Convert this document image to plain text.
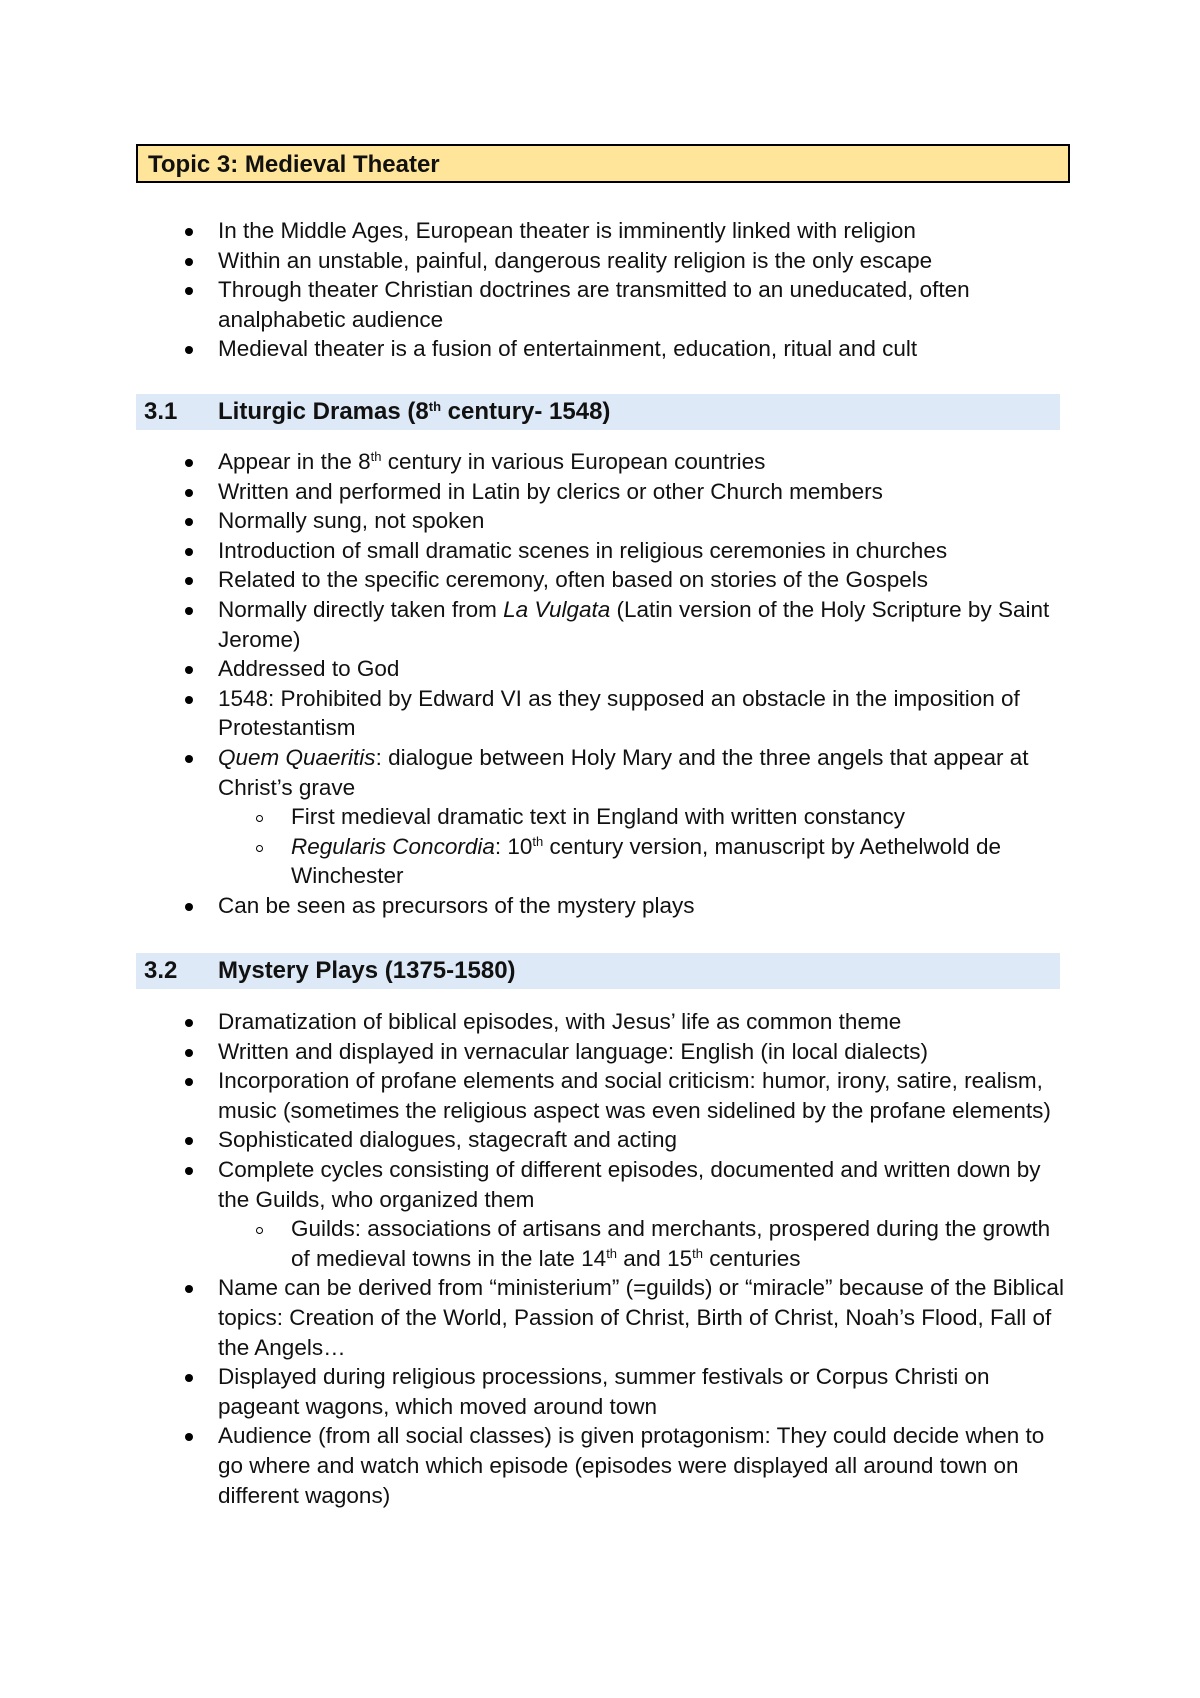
Topic 3: Medieval Theater
In the Middle Ages, European theater is imminently linked with religion
Within an unstable, painful, dangerous reality religion is the only escape
Through theater Christian doctrines are transmitted to an uneducated, often analphabetic audience
Medieval theater is a fusion of entertainment, education, ritual and cult
3.1 Liturgic Dramas (8th century- 1548)
Appear in the 8th century in various European countries
Written and performed in Latin by clerics or other Church members
Normally sung, not spoken
Introduction of small dramatic scenes in religious ceremonies in churches
Related to the specific ceremony, often based on stories of the Gospels
Normally directly taken from La Vulgata (Latin version of the Holy Scripture by Saint Jerome)
Addressed to God
1548: Prohibited by Edward VI as they supposed an obstacle in the imposition of Protestantism
Quem Quaeritis: dialogue between Holy Mary and the three angels that appear at Christ’s grave
First medieval dramatic text in England with written constancy
Regularis Concordia: 10th century version, manuscript by Aethelwold de Winchester
Can be seen as precursors of the mystery plays
3.2 Mystery Plays (1375-1580)
Dramatization of biblical episodes, with Jesus’ life as common theme
Written and displayed in vernacular language: English (in local dialects)
Incorporation of profane elements and social criticism: humor, irony, satire, realism, music (sometimes the religious aspect was even sidelined by the profane elements)
Sophisticated dialogues, stagecraft and acting
Complete cycles consisting of different episodes, documented and written down by the Guilds, who organized them
Guilds: associations of artisans and merchants, prospered during the growth of medieval towns in the late 14th and 15th centuries
Name can be derived from “ministerium” (=guilds) or “miracle” because of the Biblical topics: Creation of the World, Passion of Christ, Birth of Christ, Noah’s Flood, Fall of the Angels…
Displayed during religious processions, summer festivals or Corpus Christi on pageant wagons, which moved around town
Audience (from all social classes) is given protagonism: They could decide when to go where and watch which episode (episodes were displayed all around town on different wagons)
